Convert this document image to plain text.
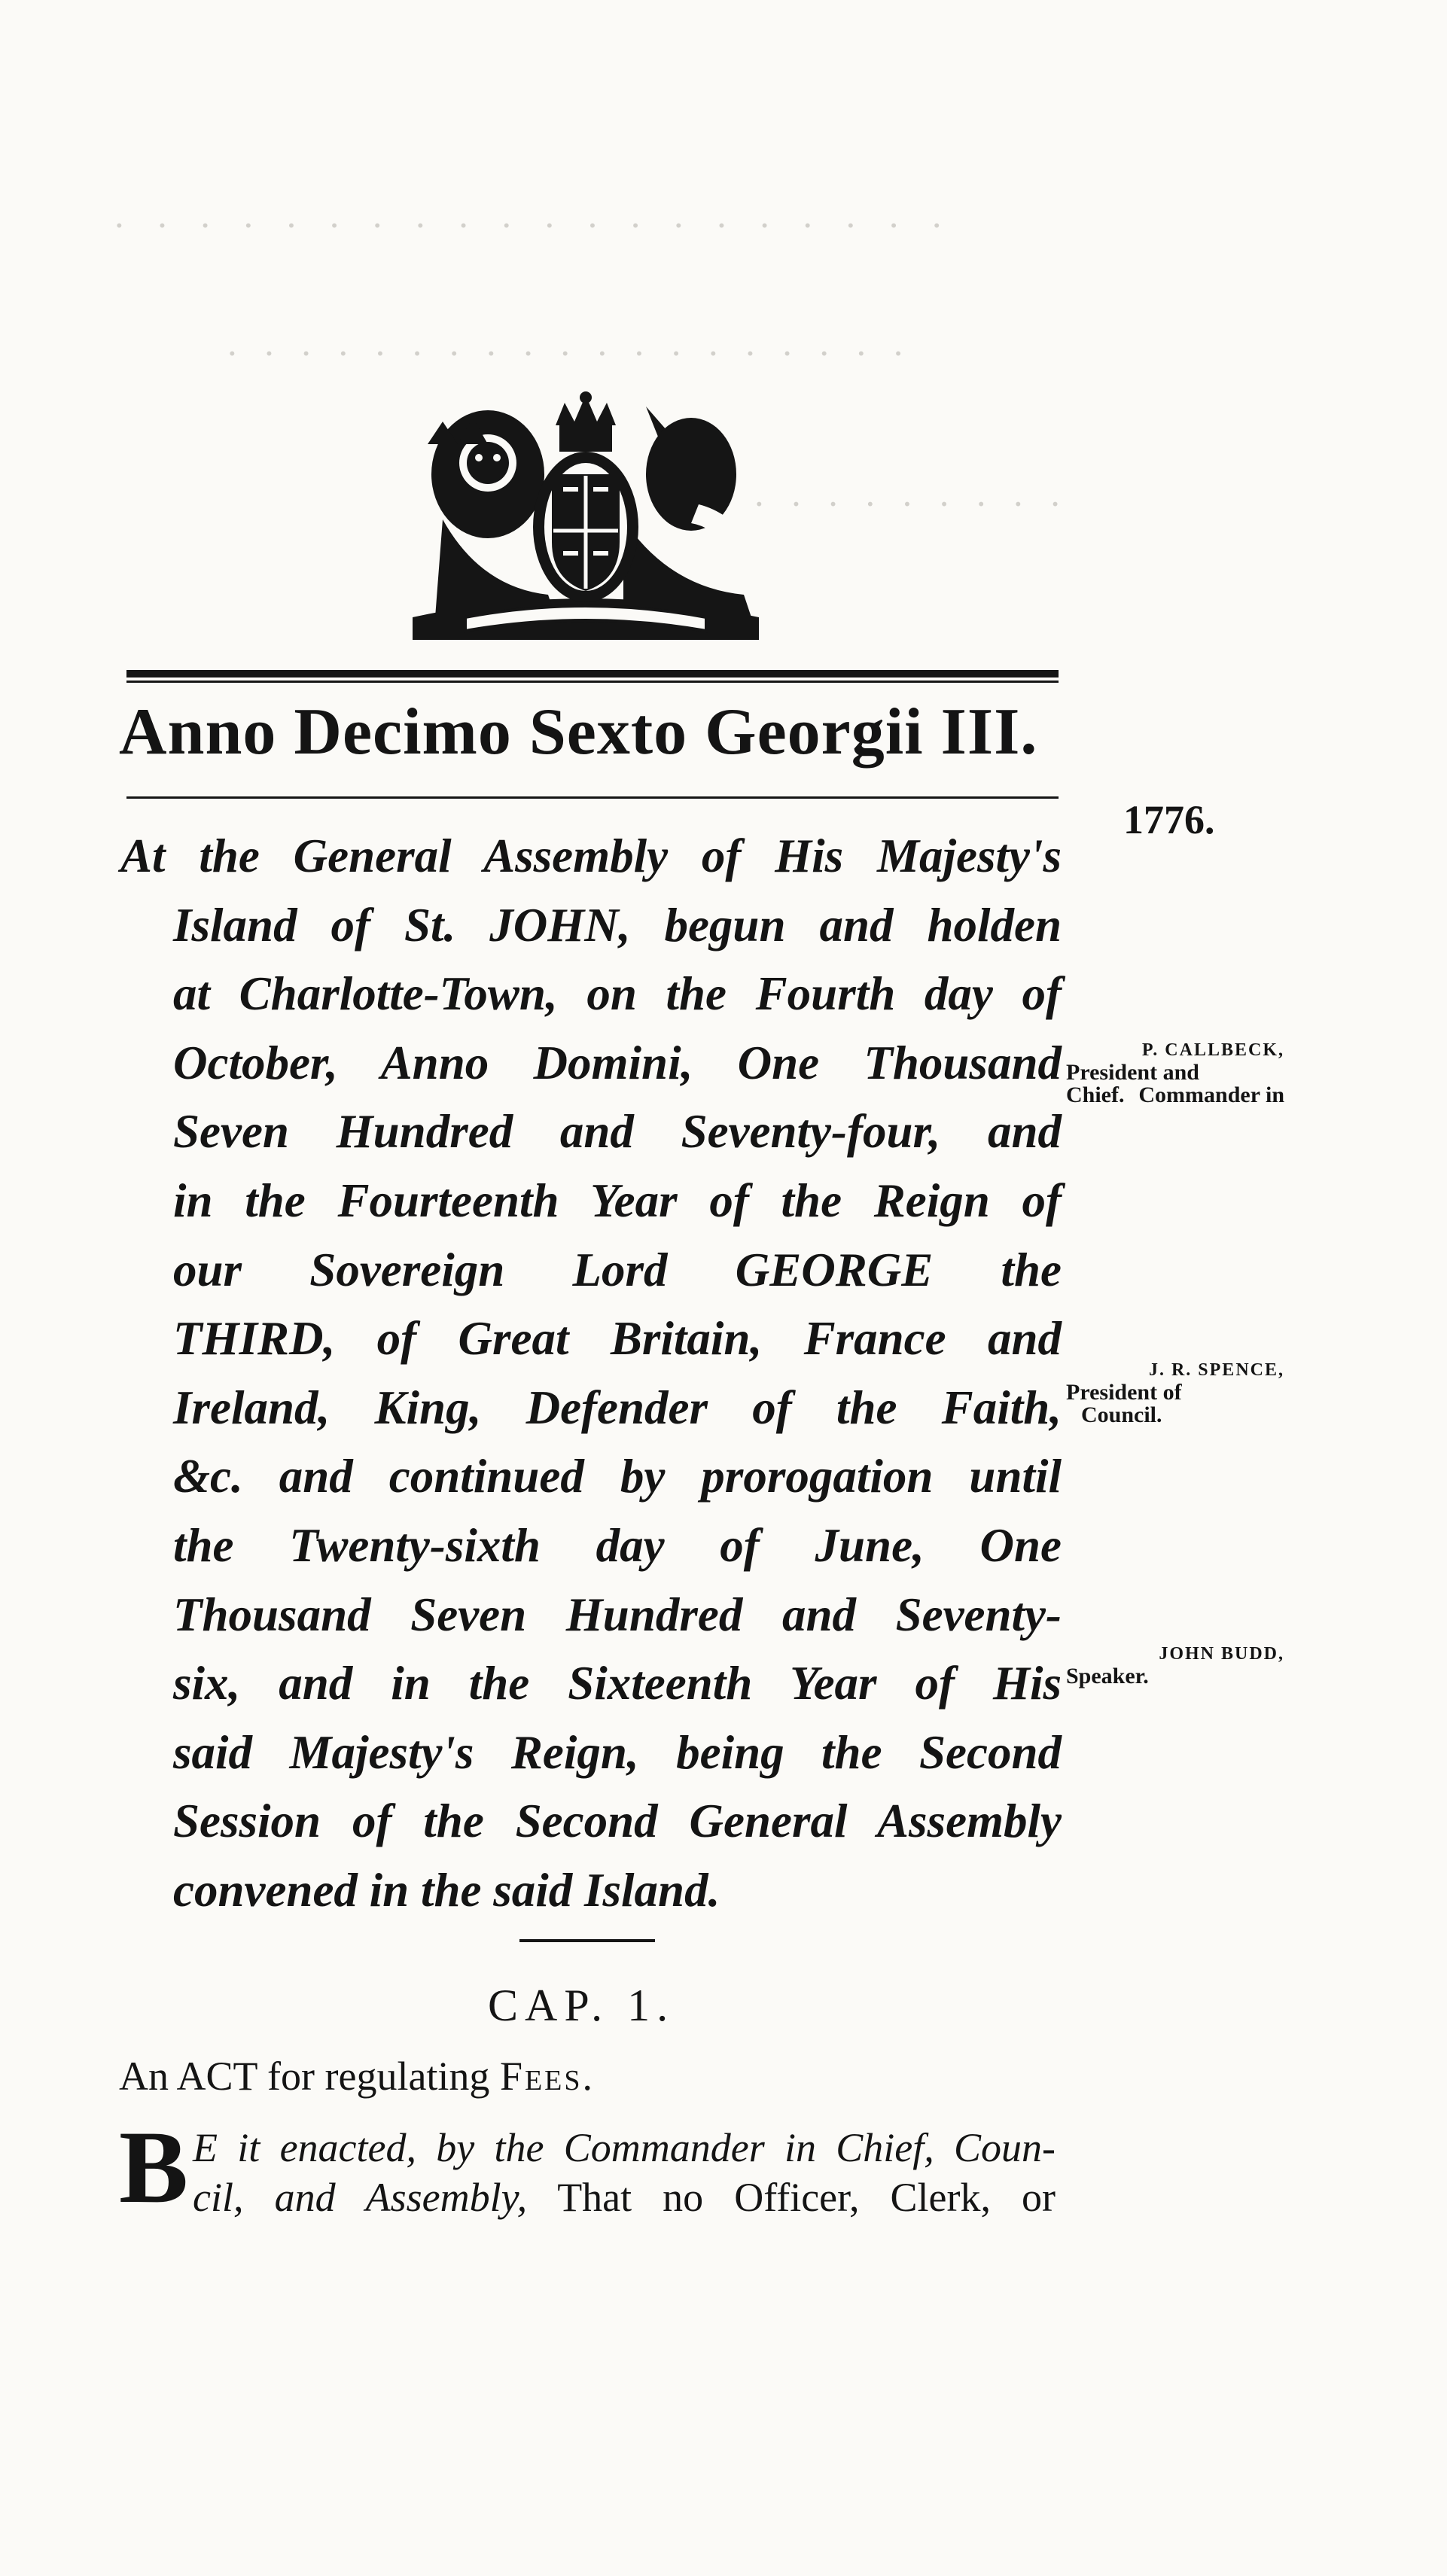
· · · · · · · · · · · · · · · · · · · ·
· · · · · · · · · · · · · · · · · · ·
· · · · · · · · ·
Anno Decimo Sexto Georgii III.
1776.
At the General Assembly of His Majesty's
Island of St. JOHN, begun and holden
at Charlotte-Town, on the Fourth day of
October, Anno Domini, One Thousand
Seven Hundred and Seventy-four, and
in the Fourteenth Year of the Reign of
our Sovereign Lord GEORGE the
THIRD, of Great Britain, France and
Ireland, King, Defender of the Faith,
&c. and continued by prorogation until
the Twenty-sixth day of June, One
Thousand Seven Hundred and Seventy-
six, and in the Sixteenth Year of His
said Majesty's Reign, being the Second
Session of the Second General Assembly
convened in the said Island.
P. CALLBECK,
President and
Commander in
Chief.
J. R. SPENCE,
President of
Council.
JOHN BUDD,
Speaker.
CAP. 1.
An ACT for regulating Fees.
B E it enacted, by the Commander in Chief, Coun-
cil, and Assembly, That no Officer, Clerk, or
